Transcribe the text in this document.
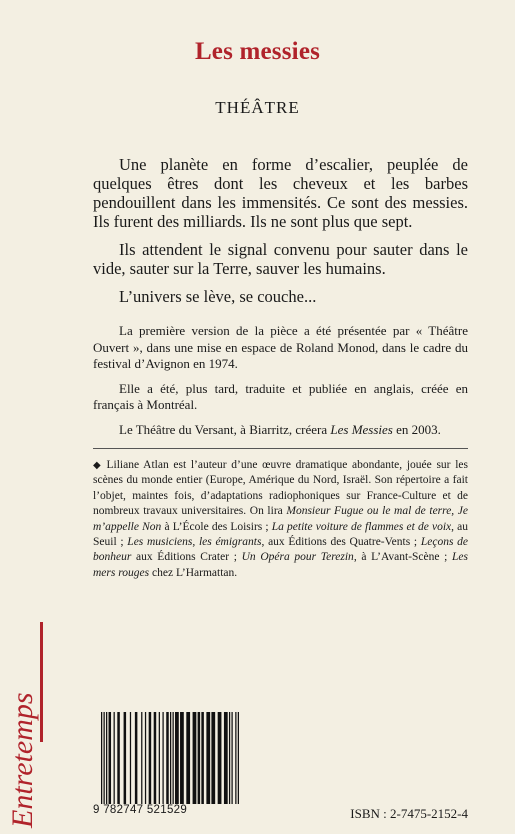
Les messies
THÉÂTRE

Une planète en forme d’escalier, peuplée de quelques êtres dont les cheveux et les barbes pendouillent dans les immensités. Ce sont des messies. Ils furent des milliards. Ils ne sont plus que sept.

Ils attendent le signal convenu pour sauter dans le vide, sauter sur la Terre, sauver les humains.

L’univers se lève, se couche...

La première version de la pièce a été présentée par « Théâtre Ouvert », dans une mise en espace de Roland Monod, dans le cadre du festival d’Avignon en 1974.

Elle a été, plus tard, traduite et publiée en anglais, créée en français à Montréal.

Le Théâtre du Versant, à Biarritz, créera Les Messies en 2003.

◆ Liliane Atlan est l’auteur d’une œuvre dramatique abondante, jouée sur les scènes du monde entier (Europe, Amérique du Nord, Israël. Son répertoire a fait l’objet, maintes fois, d’adaptations radiophoniques sur France-Culture et de nombreux travaux universitaires. On lira Monsieur Fugue ou le mal de terre, Je m’appelle Non à L’École des Loisirs ; La petite voiture de flammes et de voix, au Seuil ; Les musiciens, les émigrants, aux Éditions des Quatre-Vents ; Leçons de bonheur aux Éditions Crater ; Un Opéra pour Terezin, à L’Avant-Scène ; Les mers rouges chez L’Harmattan.
Entretemps	9 782747 521529	ISBN : 2-7475-2152-4
